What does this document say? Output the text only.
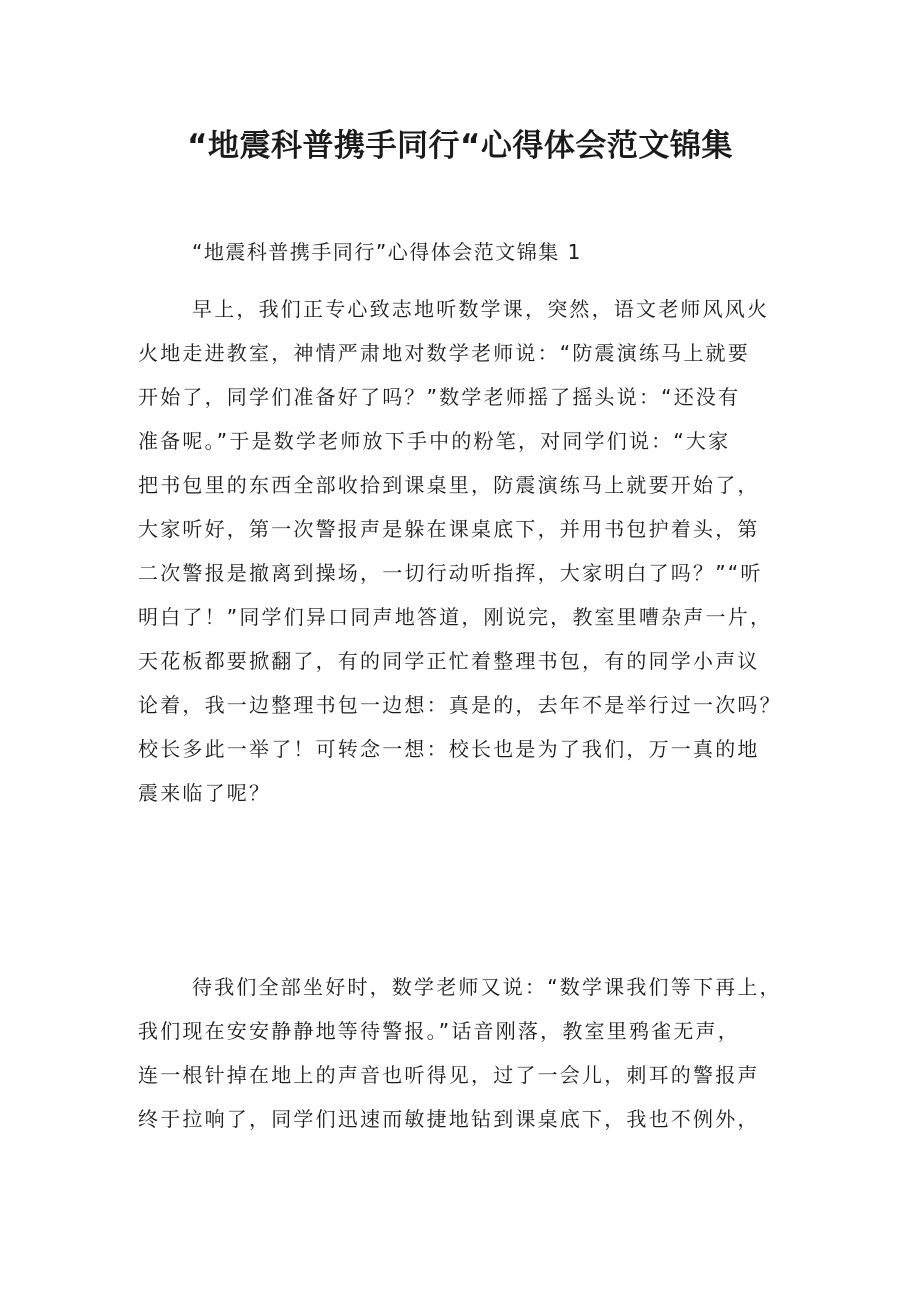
“地震科普携手同行“心得体会范文锦集

“地震科普携手同行”心得体会范文锦集 1

早上，我们正专心致志地听数学课，突然，语文老师风风火
火地走进教室，神情严肃地对数学老师说：“防震演练马上就要
开始了，同学们准备好了吗？”数学老师摇了摇头说：“还没有
准备呢。”于是数学老师放下手中的粉笔，对同学们说：“大家
把书包里的东西全部收拾到课桌里，防震演练马上就要开始了，
大家听好，第一次警报声是躲在课桌底下，并用书包护着头，第
二次警报是撤离到操场，一切行动听指挥，大家明白了吗？”“听
明白了！”同学们异口同声地答道，刚说完，教室里嘈杂声一片，
天花板都要掀翻了，有的同学正忙着整理书包，有的同学小声议
论着，我一边整理书包一边想：真是的，去年不是举行过一次吗？
校长多此一举了！可转念一想：校长也是为了我们，万一真的地
震来临了呢？
待我们全部坐好时，数学老师又说：“数学课我们等下再上，
我们现在安安静静地等待警报。”话音刚落，教室里鸦雀无声，
连一根针掉在地上的声音也听得见，过了一会儿，刺耳的警报声
终于拉响了，同学们迅速而敏捷地钻到课桌底下，我也不例外，
